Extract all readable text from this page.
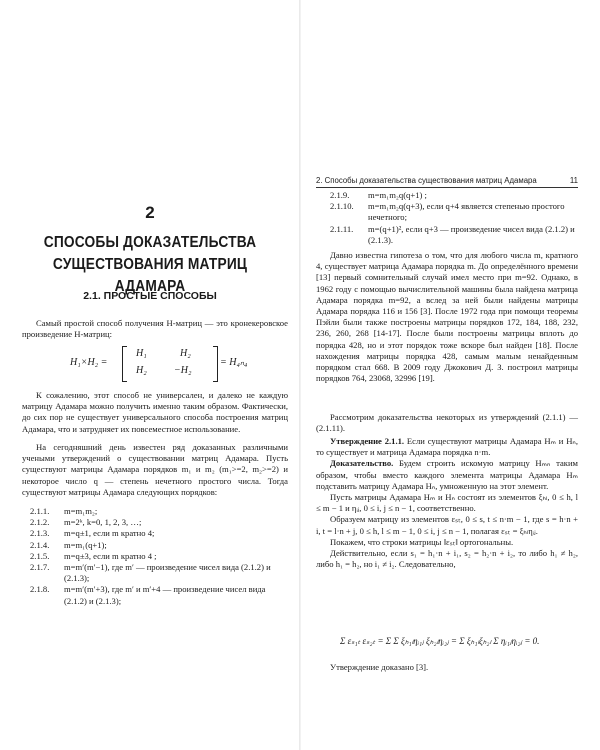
2
СПОСОБЫ ДОКАЗАТЕЛЬСТВА
СУЩЕСТВОВАНИЯ МАТРИЦ АДАМАРА
2.1. ПРОСТЫЕ СПОСОБЫ

Самый простой способ получения H-матриц — это кронекеровское произведение H-матриц:

H₁×H₂ =
H₁	H₂
H₂	−H₂
= H₄ₙ₄

К сожалению, этот способ не универсален, и далеко не каждую матрицу Адамара можно получить именно таким образом. Фактически, до сих пор не существует универсального способа построения матриц Адамара, что и затрудняет их повсеместное использование.

На сегодняшний день известен ряд доказанных различными учеными утверждений о существовании матриц Адамара. Пусть существуют матрицы Адамара порядков m₁ и m₂ (m₁>=2, m₂>=2) и некоторое число q — степень нечетного простого числа. Тогда существуют матрицы Адамара следующих порядков:

2.1.1.	m=m₁m₂;
2.1.2.	m=2ᵏ, k=0, 1, 2, 3, …;
2.1.3.	m=q±1, если m кратно 4;
2.1.4.	m=m₁(q+1);
2.1.5.	m=q±3, если m кратно 4 ;
2.1.7.	m=m′(m′−1), где m′ — произведение чисел вида (2.1.2) и (2.1.3);
2.1.8.	m=m′(m′+3), где m′ и m′+4 — произведение чисел вида (2.1.2) и (2.1.3);
2. Способы доказательства существования матриц Адамара	11
2.1.9.	m=m₁m₂q(q+1) ;
2.1.10.	m=m₁m₂q(q+3), если q+4 является степенью простого нечетного;
2.1.11.	m=(q+1)², если q+3 — произведение чисел вида (2.1.2) и (2.1.3).

Давно известна гипотеза о том, что для любого числа m, кратного 4, существует матрица Адамара порядка m. До определённого времени [13] первый сомнительный случай имел место при m=92. Однако, в 1962 году с помощью вычислительной машины была найдена матрица Адамара порядка m=92, а вслед за ней были найдены матрицы Адамара порядка 116 и 156 [3]. После 1972 года при помощи теоремы Пэйли были также построены матрицы порядков 172, 184, 188, 232, 236, 260, 268 [14-17]. После были построены матрицы вплоть до порядка 428, но и этот порядок тоже вскоре был найден [18]. После нахождения матрицы порядка 428, самым малым ненайденным порядком стал 668. В 2009 году Джокович Д. З. построил матрицы порядков 764, 23068, 32996 [19].

Рассмотрим доказательства некоторых из утверждений (2.1.1) — (2.1.11).

Утверждение 2.1.1. Если существуют матрицы Адамара Hₘ и Hₙ, то существует и матрица Адамара порядка n·m.

Доказательство. Будем строить искомую матрицу Hₘₙ таким образом, чтобы вместо каждого элемента матрицы Адамара Hₘ подставить матрицу Адамара Hₙ, умноженную на этот элемент.

Пусть матрицы Адамара Hₘ и Hₙ состоят из элементов ξₕₗ, 0 ≤ h, l ≤ m − 1 и ηᵢⱼ, 0 ≤ i, j ≤ n − 1, соответственно.

Образуем матрицу из элементов εₛₜ, 0 ≤ s, t ≤ n·m − 1, где s = h·n + i, t = l·n + j, 0 ≤ h, l ≤ m − 1, 0 ≤ i, j ≤ n − 1, полагая εₛₜ = ξₕₗηᵢⱼ.

Покажем, что строки матрицы ‖εₛₜ‖ ортогональны.

Действительно, если s₁ = h₁·n + i₁, s₂ = h₂·n + i₂, то либо h₁ ≠ h₂, либо h₁ = h₂, но i₁ ≠ i₂. Следовательно,

Σ εₛ₁ₜ εₛ₂ₜ = Σ Σ ξₕ₁ₗηᵢ₁ⱼ ξₕ₂ₗηᵢ₂ⱼ = Σ ξₕ₁ₗξₕ₂ₗ Σ ηᵢ₁ⱼηᵢ₂ⱼ = 0.

Утверждение доказано [3].
